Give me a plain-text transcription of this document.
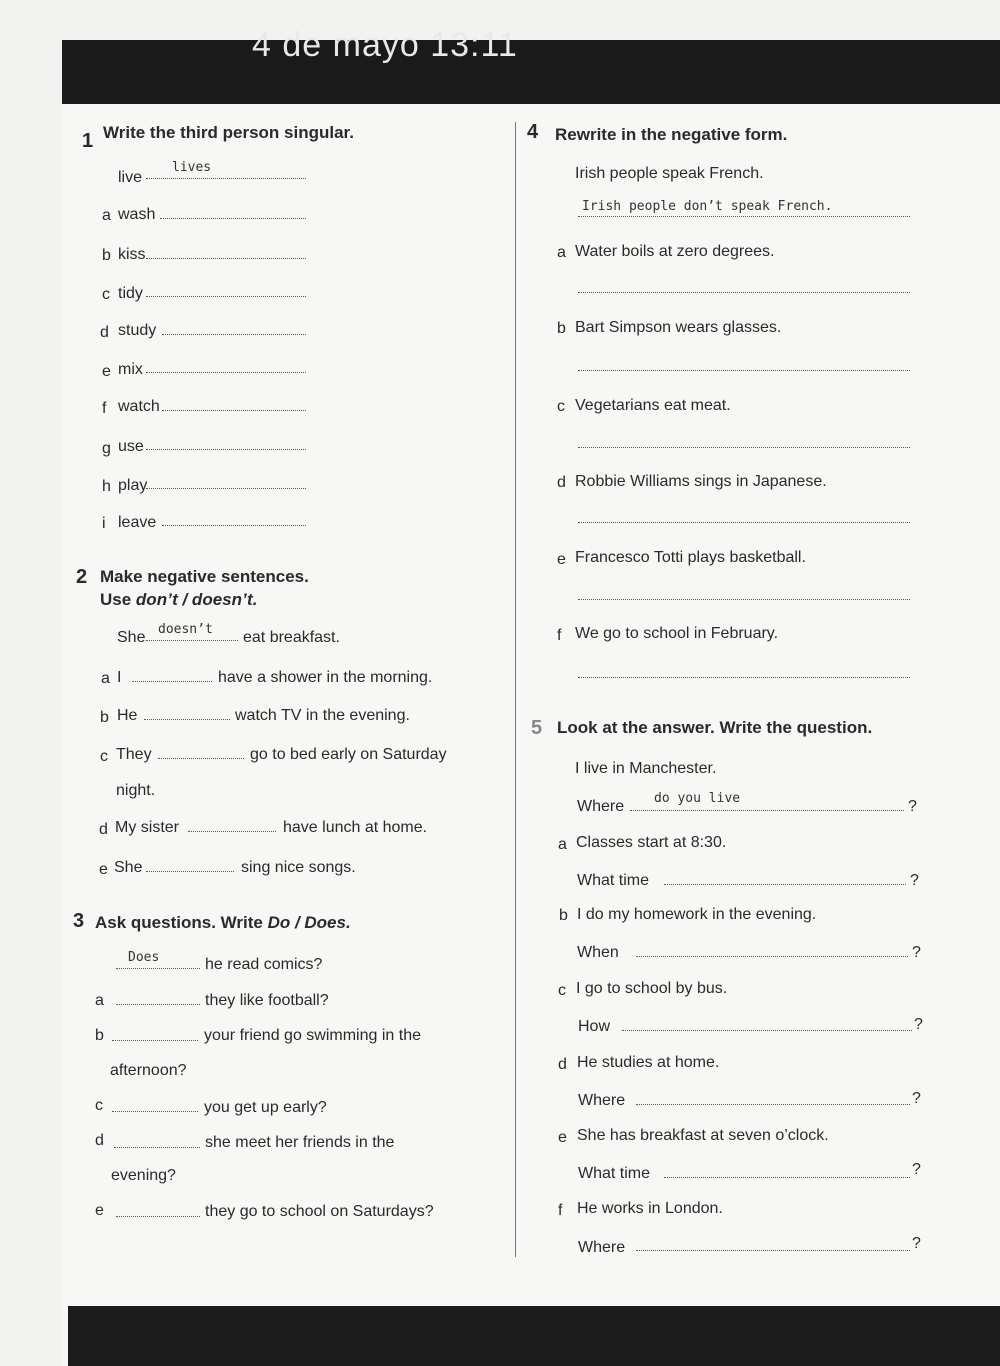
4 de mayo 13:11
1 Write the third person singular.
live
lives
a wash
b kiss
c tidy
d study
e mix
f watch
g use
h play
i leave
2 Make negative sentences.
Use don’t / doesn’t.
She doesn’t eat breakfast.
a I	have a shower in the morning.
b He	watch TV in the evening.
c They	go to bed early on Saturday
night.
d My sister	have lunch at home.
e She	sing nice songs.
3 Ask questions. Write Do / Does.
Does	he read comics?
a	they like football?
b	your friend go swimming in the
afternoon?
c	you get up early?
d	she meet her friends in the
evening?
e	they go to school on Saturdays?
4 Rewrite in the negative form.
Irish people speak French.
Irish people don’t speak French.
a Water boils at zero degrees.
b Bart Simpson wears glasses.
c Vegetarians eat meat.
d Robbie Williams sings in Japanese.
e Francesco Totti plays basketball.
f We go to school in February.
5 Look at the answer. Write the question.
I live in Manchester.
Where do you live	?
a Classes start at 8:30.
What time	?
b I do my homework in the evening.
When	?
c I go to school by bus.
How	?
d He studies at home.
Where	?
e She has breakfast at seven o’clock.
What time	?
f He works in London.
Where	?
